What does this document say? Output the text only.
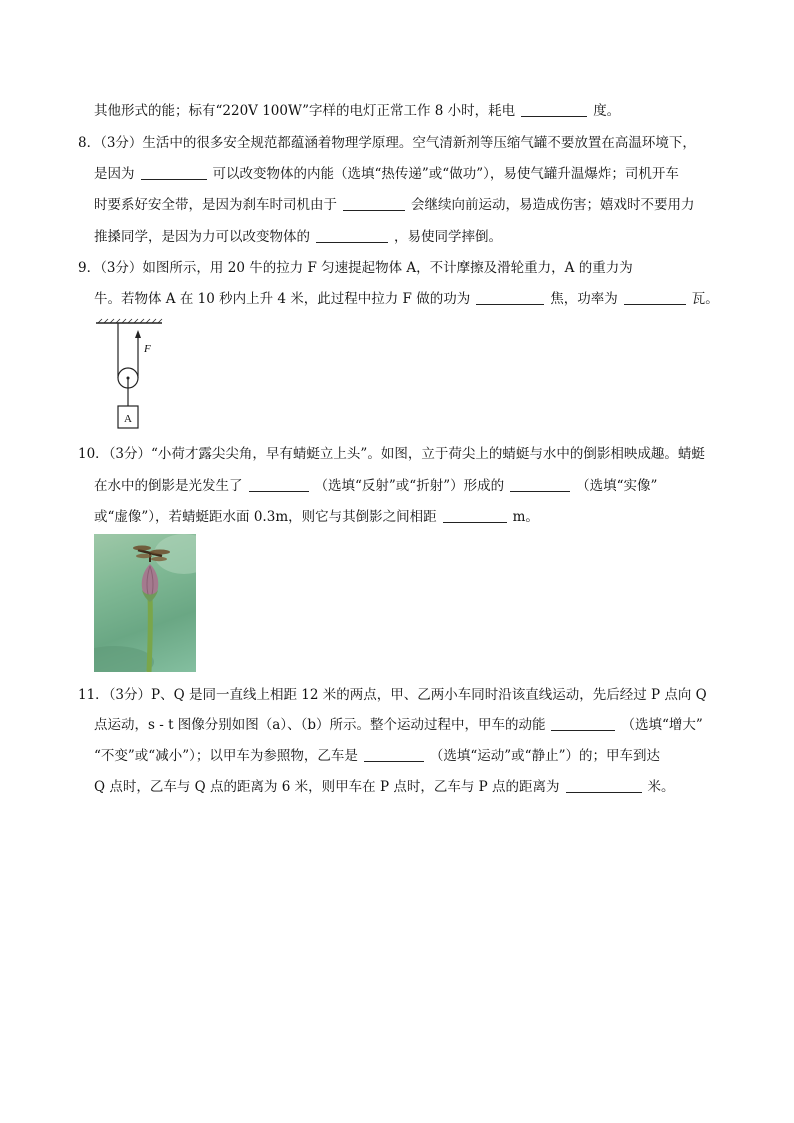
其他形式的能；标有“220V 100W”字样的电灯正常工作 8 小时，耗电	度。
8．（3分）生活中的很多安全规范都蕴涵着物理学原理。空气清新剂等压缩气罐不要放置在高温环境下，
是因为	可以改变物体的内能（选填“热传递”或“做功”），易使气罐升温爆炸；司机开车
时要系好安全带，是因为刹车时司机由于	会继续向前运动，易造成伤害；嬉戏时不要用力
推搡同学，是因为力可以改变物体的	，易使同学摔倒。
9．（3分）如图所示，用 20 牛的拉力 F 匀速提起物体 A，不计摩擦及滑轮重力，A 的重力为
牛。若物体 A 在 10 秒内上升 4 米，此过程中拉力 F 做的功为	焦，功率为	瓦。
F
A
10．（3分）“小荷才露尖尖角，早有蜻蜓立上头”。如图，立于荷尖上的蜻蜓与水中的倒影相映成趣。蜻蜓
在水中的倒影是光发生了	（选填“反射”或“折射”）形成的	（选填“实像”
或“虚像”），若蜻蜓距水面 0.3m，则它与其倒影之间相距	m。
11．（3分）P、Q 是同一直线上相距 12 米的两点，甲、乙两小车同时沿该直线运动，先后经过 P 点向 Q
点运动，s - t 图像分别如图（a）、（b）所示。整个运动过程中，甲车的动能	（选填“增大”
“不变”或“减小”）；以甲车为参照物，乙车是	（选填“运动”或“静止”）的；甲车到达
Q 点时，乙车与 Q 点的距离为 6 米，则甲车在 P 点时，乙车与 P 点的距离为	米。
